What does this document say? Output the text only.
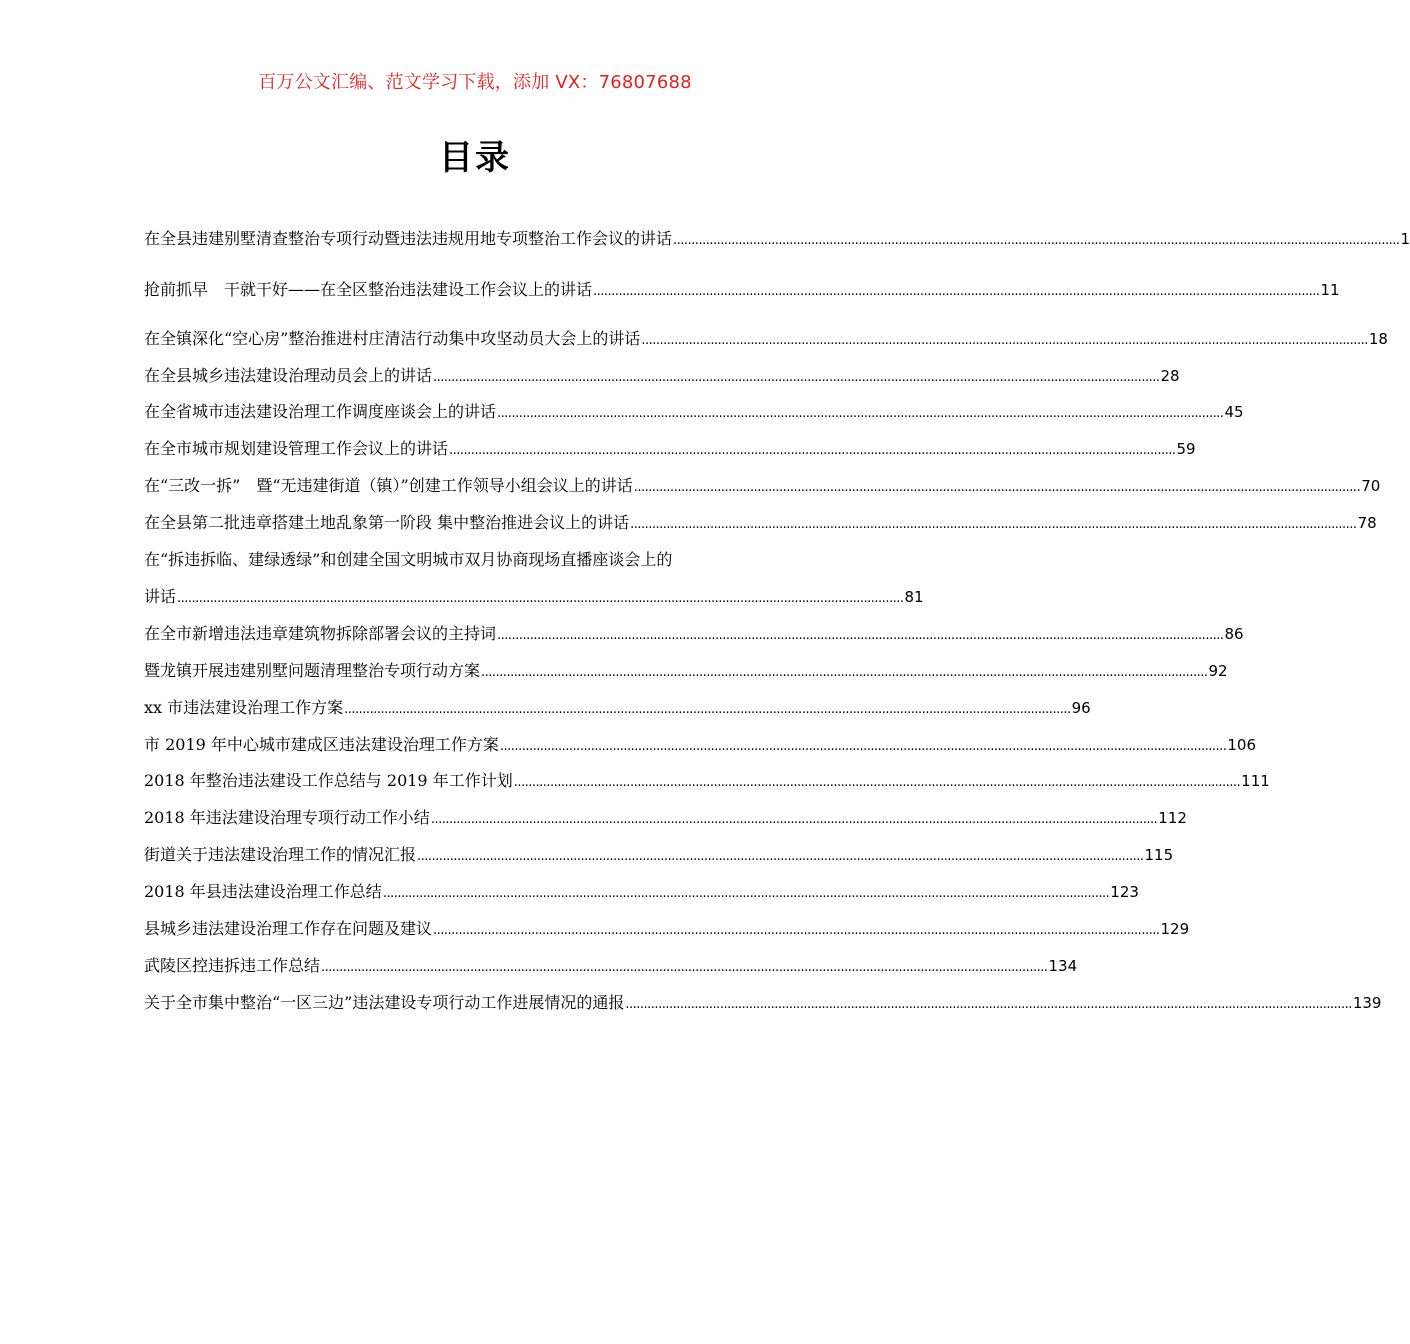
百万公文汇编、范文学习下载，添加 VX：76807688
目录
在全县违建别墅清查整治专项行动暨违法违规用地专项整治工作会议的讲话 .....	1
抢前抓早　干就干好——在全区整治违法建设工作会议上的讲话 .....	11
在全镇深化“空心房”整治推进村庄清洁行动集中攻坚动员大会上的讲话 .....	18
在全县城乡违法建设治理动员会上的讲话 .....	28
在全省城市违法建设治理工作调度座谈会上的讲话 .....	45
在全市城市规划建设管理工作会议上的讲话 .....	59
在“三改一拆”　暨“无违建街道（镇）”创建工作领导小组会议上的讲话 .....	70
在全县第二批违章搭建土地乱象第一阶段 集中整治推进会议上的讲话 .....	78
在“拆违拆临、建绿透绿”和创建全国文明城市双月协商现场直播座谈会上的
讲话 .....	81
在全市新增违法违章建筑物拆除部署会议的主持词 .....	86
暨龙镇开展违建别墅问题清理整治专项行动方案 .....	92
xx 市违法建设治理工作方案 .....	96
市 2019 年中心城市建成区违法建设治理工作方案 .....	106
2018 年整治违法建设工作总结与 2019 年工作计划 .....	111
2018 年违法建设治理专项行动工作小结 .....	112
街道关于违法建设治理工作的情况汇报 .....	115
2018 年县违法建设治理工作总结 .....	123
县城乡违法建设治理工作存在问题及建议 .....	129
武陵区控违拆违工作总结 .....	134
关于全市集中整治“一区三边”违法建设专项行动工作进展情况的通报 .....	139
